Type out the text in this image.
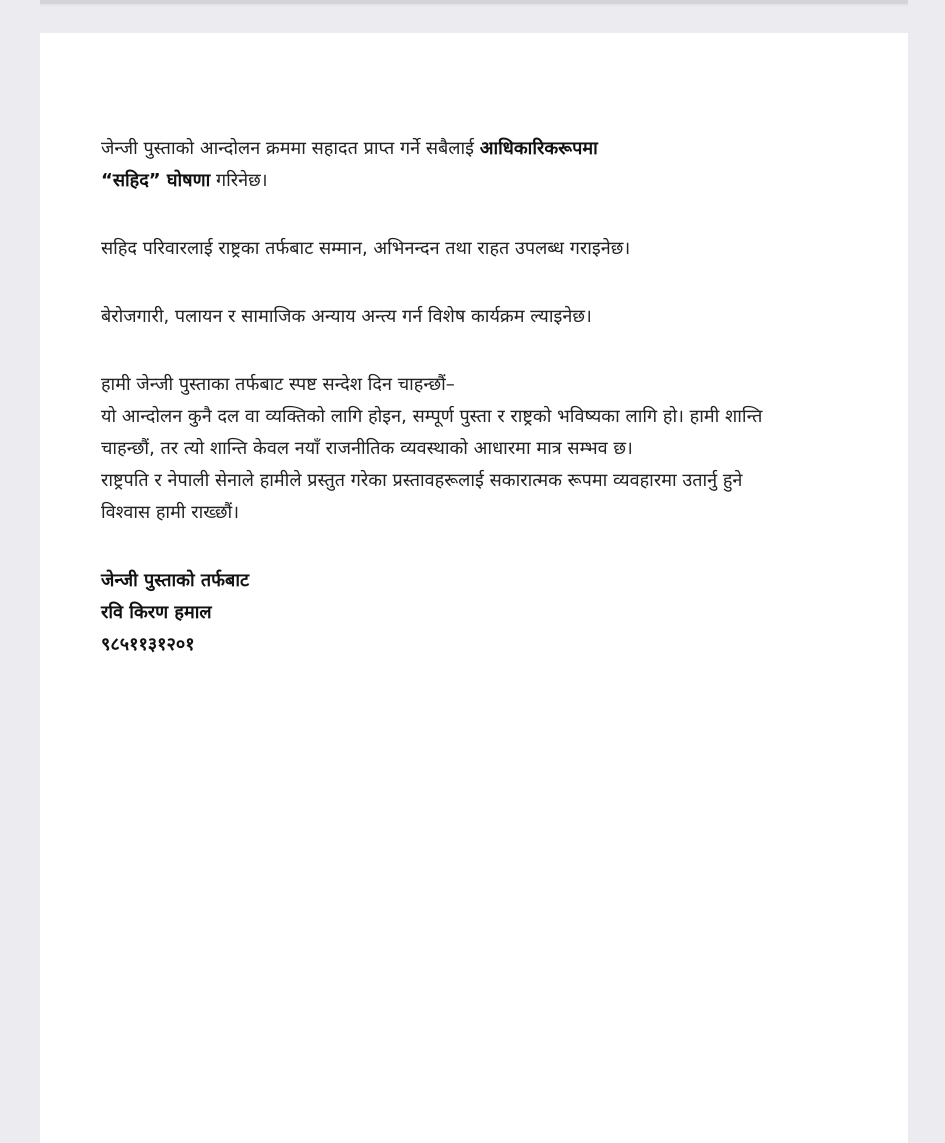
जेन्जी पुस्ताको आन्दोलन क्रममा सहादत प्राप्त गर्ने सबैलाई आधिकारिकरूपमा

“सहिद” घोषणा गरिनेछ।

सहिद परिवारलाई राष्ट्रका तर्फबाट सम्मान, अभिनन्दन तथा राहत उपलब्ध गराइनेछ।

बेरोजगारी, पलायन र सामाजिक अन्याय अन्त्य गर्न विशेष कार्यक्रम ल्याइनेछ।

हामी जेन्जी पुस्ताका तर्फबाट स्पष्ट सन्देश दिन चाहन्छौं–

यो आन्दोलन कुनै दल वा व्यक्तिको लागि होइन, सम्पूर्ण पुस्ता र राष्ट्रको भविष्यका लागि हो। हामी शान्ति चाहन्छौं, तर त्यो शान्ति केवल नयाँ राजनीतिक व्यवस्थाको आधारमा मात्र सम्भव छ।

राष्ट्रपति र नेपाली सेनाले हामीले प्रस्तुत गरेका प्रस्तावहरूलाई सकारात्मक रूपमा व्यवहारमा उतार्नु हुने विश्वास हामी राख्छौं।

जेन्जी पुस्ताको तर्फबाट

रवि किरण हमाल

९८५११३१२०१
